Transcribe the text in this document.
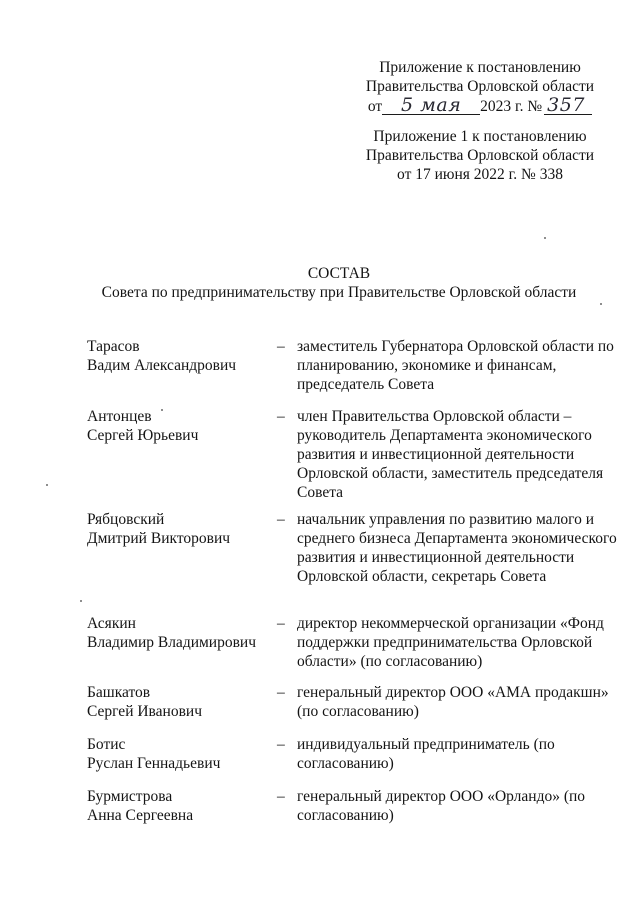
Приложение к постановлению
Правительства Орловской области
от 5 мая 2023 г. № 357
Приложение 1 к постановлению
Правительства Орловской области
от 17 июня 2022 г. № 338
СОСТАВ
Совета по предпринимательству при Правительстве Орловской области
Тарасов
Вадим Александрович
– заместитель Губернатора Орловской области по планированию, экономике и финансам, председатель Совета
Антонцев
Сергей Юрьевич
– член Правительства Орловской области – руководитель Департамента экономического развития и инвестиционной деятельности Орловской области, заместитель председателя Совета
Рябцовский
Дмитрий Викторович
– начальник управления по развитию малого и среднего бизнеса Департамента экономического развития и инвестиционной деятельности Орловской области, секретарь Совета
Асякин
Владимир Владимирович
– директор некоммерческой организации «Фонд поддержки предпринимательства Орловской области» (по согласованию)
Башкатов
Сергей Иванович
– генеральный директор ООО «АМА продакшн» (по согласованию)
Ботис
Руслан Геннадьевич
– индивидуальный предприниматель (по согласованию)
Бурмистрова
Анна Сергеевна
– генеральный директор ООО «Орландо» (по согласованию)
